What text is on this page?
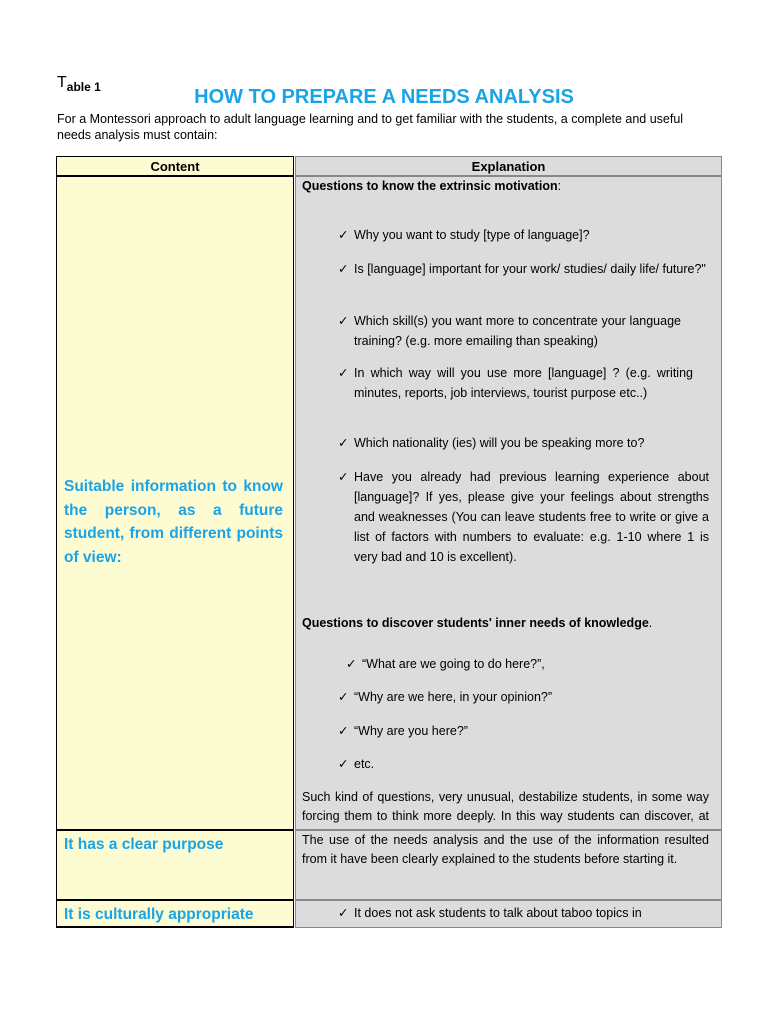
Table 1	HOW TO PREPARE A NEEDS ANALYSIS
For a Montessori approach to adult language learning and to get familiar with the students, a complete and useful needs analysis must contain:
Content	Explanation
Suitable information to know the person, as a future student, from different points of view:
Questions to know the extrinsic motivation:
✓ Why you want to study [type of language]?
✓ Is [language] important for your work/ studies/ daily life/ future?"
✓ Which skill(s) you want more to concentrate your language training? (e.g. more emailing than speaking)
✓ In which way will you use more [language] ? (e.g. writing minutes, reports, job interviews, tourist purpose etc..)
✓ Which nationality (ies) will you be speaking more to?
✓ Have you already had previous learning experience about [language]? If yes, please give your feelings about strengths and weaknesses (You can leave students free to write or give a list of factors with numbers to evaluate: e.g. 1-10 where 1 is very bad and 10 is excellent).
Questions to discover students' inner needs of knowledge.
✓ “What are we going to do here?”,
✓ “Why are we here, in your opinion?”
✓ “Why are you here?”
✓ etc.
Such kind of questions, very unusual, destabilize students, in some way forcing them to think more deeply. In this way students can discover, at
It has a clear purpose	The use of the needs analysis and the use of the information resulted from it have been clearly explained to the students before starting it.
It is culturally appropriate	✓ It does not ask students to talk about taboo topics in
